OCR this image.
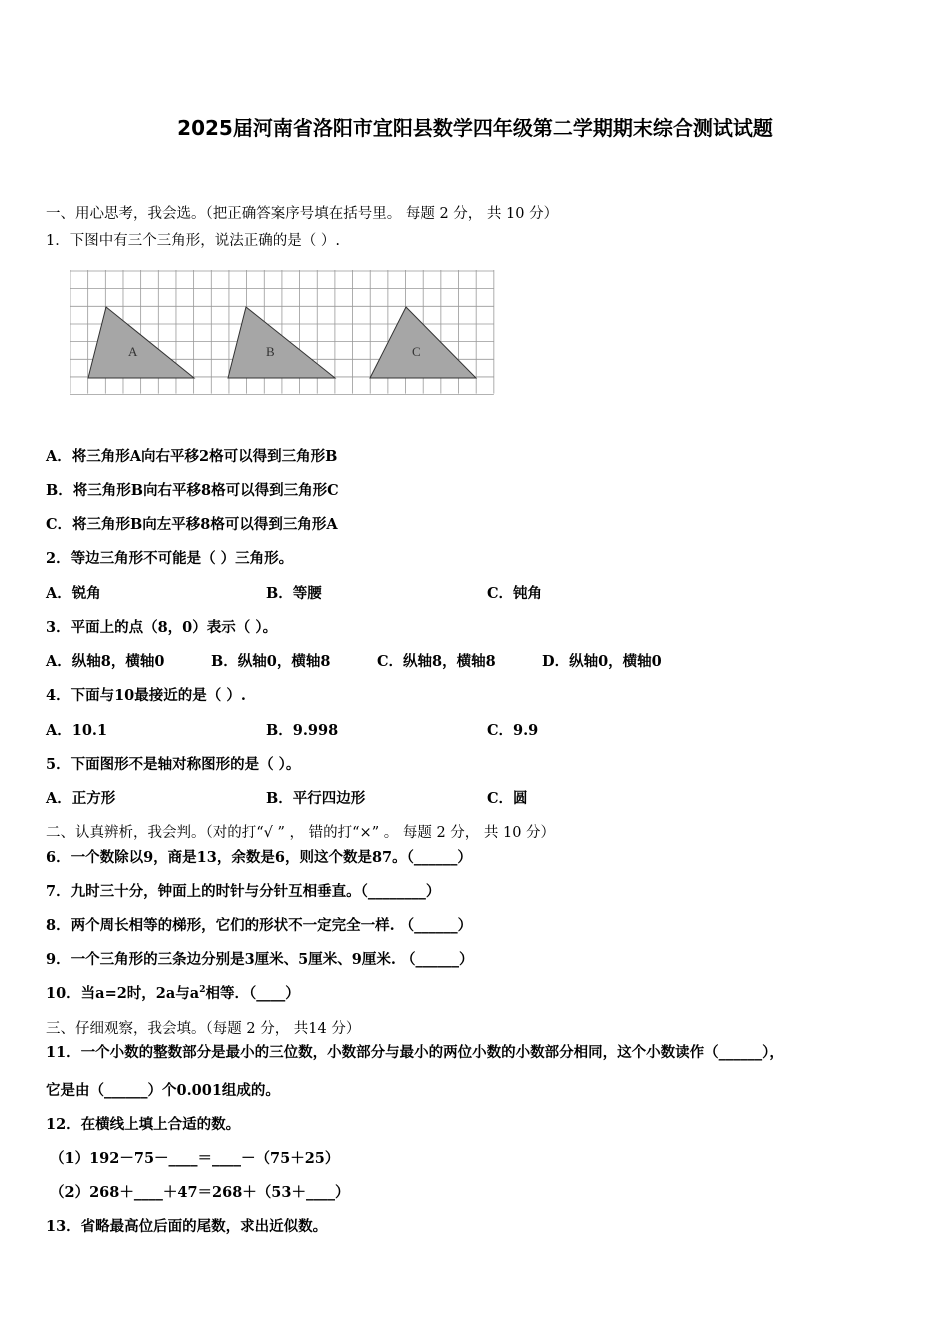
2025届河南省洛阳市宜阳县数学四年级第二学期期末综合测试试题
一、用心思考，我会选。（把正确答案序号填在括号里。 每题 2 分， 共 10 分）
1．下图中有三个三角形，说法正确的是（ ）.
A	B	C
A．将三角形A向右平移2格可以得到三角形B
B．将三角形B向右平移8格可以得到三角形C
C．将三角形B向左平移8格可以得到三角形A
2．等边三角形不可能是（ ）三角形。
A．锐角	B．等腰	C．钝角
3．平面上的点（8，0）表示（ ）。
A．纵轴8，横轴0	B．纵轴0，横轴8	C．纵轴8，横轴8	D．纵轴0，横轴0
4．下面与10最接近的是（ ）.
A．10.1	B．9.998	C．9.9
5．下面图形不是轴对称图形的是（ ）。
A．正方形	B．平行四边形	C．圆
二、认真辨析，我会判。（对的打“√ ” ， 错的打“×” 。 每题 2 分， 共 10 分）
6．一个数除以9，商是13，余数是6，则这个数是87。（______）
7．九时三十分，钟面上的时针与分针互相垂直。（________）
8．两个周长相等的梯形，它们的形状不一定完全一样. （______）
9．一个三角形的三条边分别是3厘米、5厘米、9厘米. （______）
10．当a=2时，2a与$a^2$相等．（____）
三、仔细观察，我会填。（每题 2 分， 共14 分）
11．一个小数的整数部分是最小的三位数，小数部分与最小的两位小数的小数部分相同，这个小数读作（______），
它是由（______）个0.001组成的。
12．在横线上填上合适的数。
（1）192－75－____＝____－（75＋25）
（2）268＋____＋47＝268＋（53＋____）
13．省略最高位后面的尾数，求出近似数。
